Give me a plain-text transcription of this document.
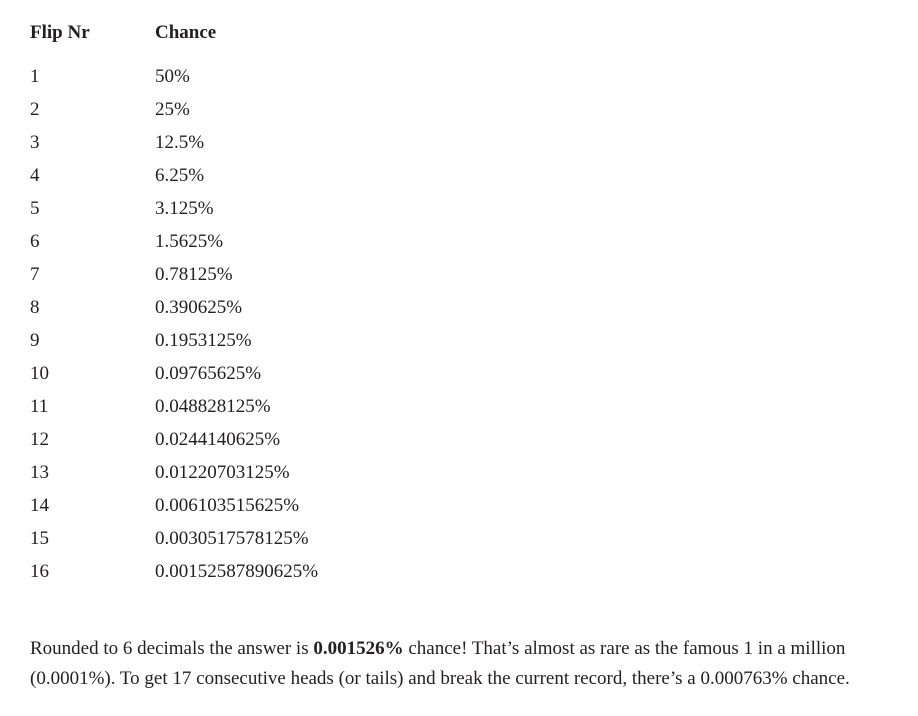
Flip Nr	Chance
1	50%
2	25%
3	12.5%
4	6.25%
5	3.125%
6	1.5625%
7	0.78125%
8	0.390625%
9	0.1953125%
10	0.09765625%
11	0.048828125%
12	0.0244140625%
13	0.01220703125%
14	0.006103515625%
15	0.0030517578125%
16	0.00152587890625%

Rounded to 6 decimals the answer is 0.001526% chance! That’s almost as rare as the famous 1 in a million (0.0001%). To get 17 consecutive heads (or tails) and break the current record, there’s a 0.000763% chance.
